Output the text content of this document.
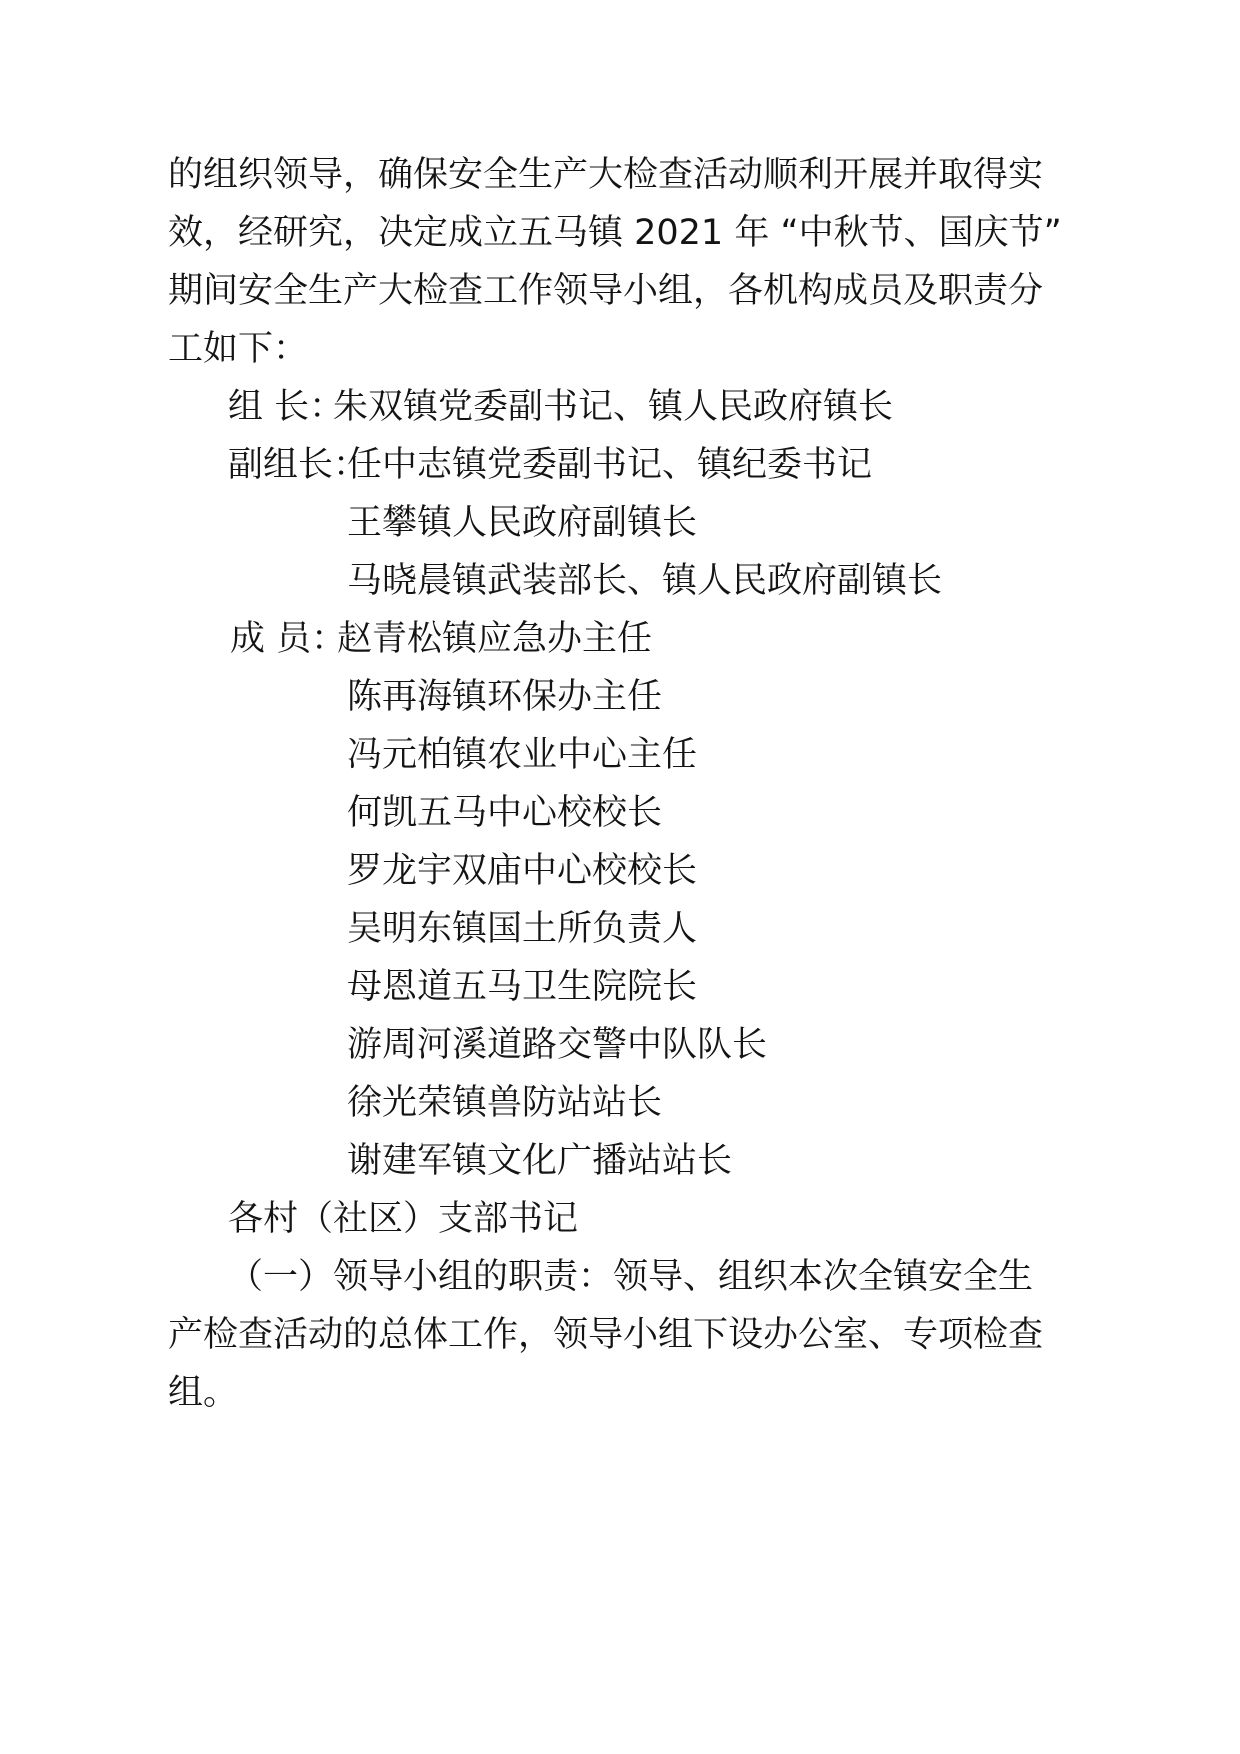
的组织领导，确保安全生产大检查活动顺利开展并取得实
效，经研究，决定成立五马镇 2021 年 “中秋节、国庆节”
期间安全生产大检查工作领导小组，各机构成员及职责分
工如下：
组 长：
朱双镇党委副书记、镇人民政府镇长
副组长：
任中志镇党委副书记、镇纪委书记
王攀镇人民政府副镇长
马晓晨镇武装部长、镇人民政府副镇长
成 员：
赵青松镇应急办主任
陈再海镇环保办主任
冯元柏镇农业中心主任
何凯五马中心校校长
罗龙宇双庙中心校校长
吴明东镇国土所负责人
母恩道五马卫生院院长
游周河溪道路交警中队队长
徐光荣镇兽防站站长
谢建军镇文化广播站站长
各村（社区）支部书记
（一）领导小组的职责：领导、组织本次全镇安全生
产检查活动的总体工作，领导小组下设办公室、专项检查
组。
